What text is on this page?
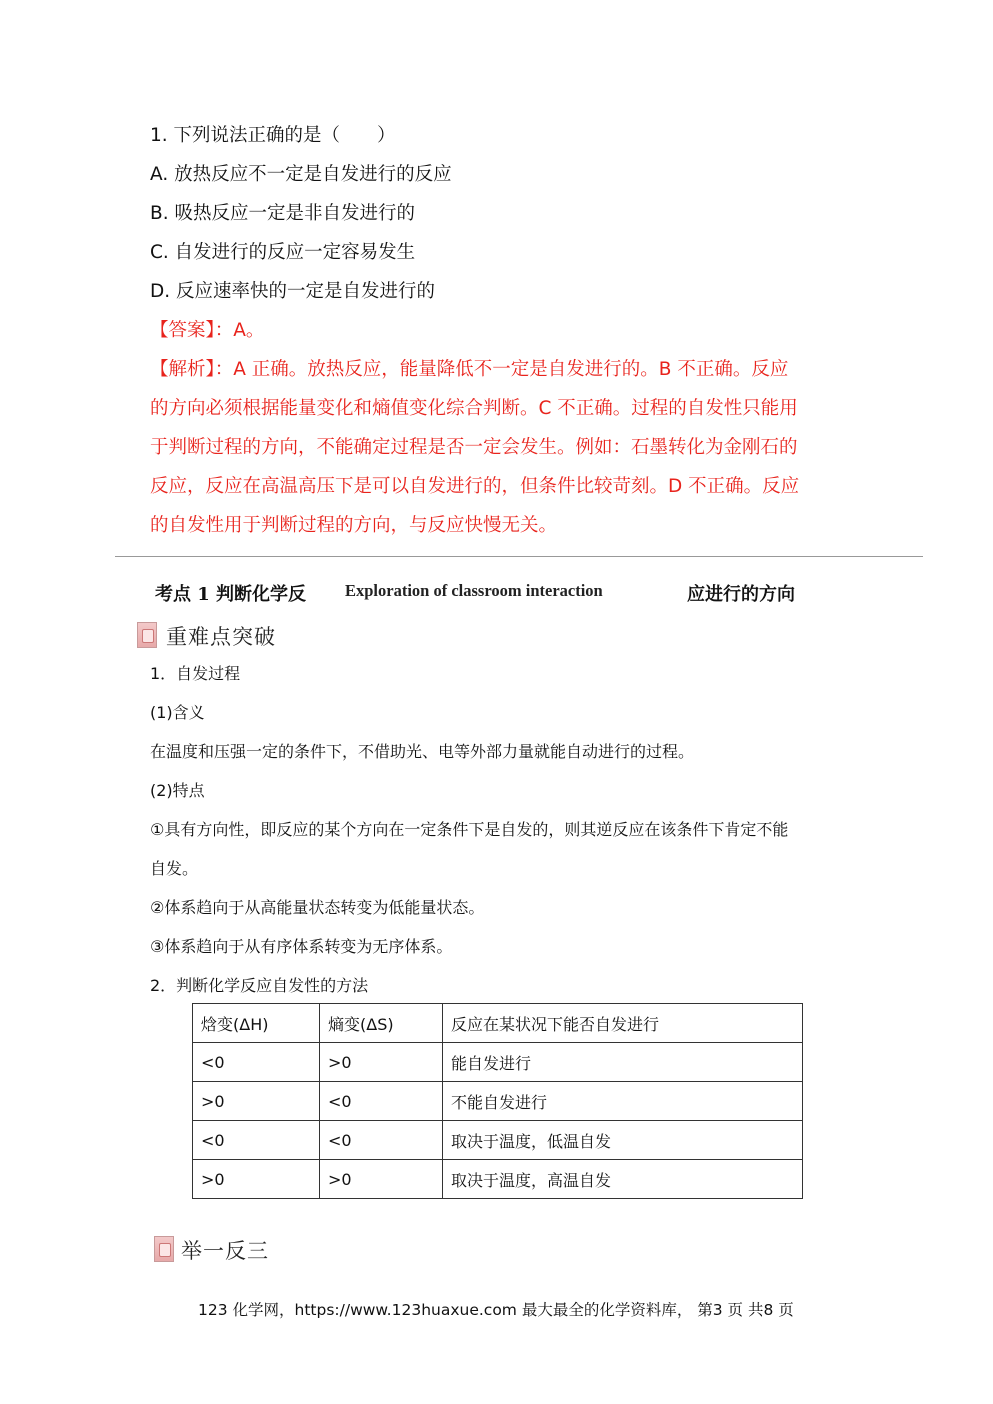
1. 下列说法正确的是（　　）
A. 放热反应不一定是自发进行的反应
B. 吸热反应一定是非自发进行的
C. 自发进行的反应一定容易发生
D. 反应速率快的一定是自发进行的
【答案】：A。
【解析】：A 正确。放热反应，能量降低不一定是自发进行的。B 不正确。反应
的方向必须根据能量变化和熵值变化综合判断。C 不正确。过程的自发性只能用
于判断过程的方向，不能确定过程是否一定会发生。例如：石墨转化为金刚石的
反应，反应在高温高压下是可以自发进行的，但条件比较苛刻。D 不正确。反应
的自发性用于判断过程的方向，与反应快慢无关。
考点 1 判断化学反 Exploration of classroom interaction	应进行的方向
重难点突破
1．自发过程
(1)含义
在温度和压强一定的条件下，不借助光、电等外部力量就能自动进行的过程。
(2)特点
①具有方向性，即反应的某个方向在一定条件下是自发的，则其逆反应在该条件下肯定不能
自发。
②体系趋向于从高能量状态转变为低能量状态。
③体系趋向于从有序体系转变为无序体系。
2．判断化学反应自发性的方法
焓变(ΔH)	熵变(ΔS)	反应在某状况下能否自发进行
<0	>0	能自发进行
>0	<0	不能自发进行
<0	<0	取决于温度，低温自发
>0	>0	取决于温度，高温自发
举一反三
123 化学网，https://www.123huaxue.com 最大最全的化学资料库， 第3 页 共8 页
